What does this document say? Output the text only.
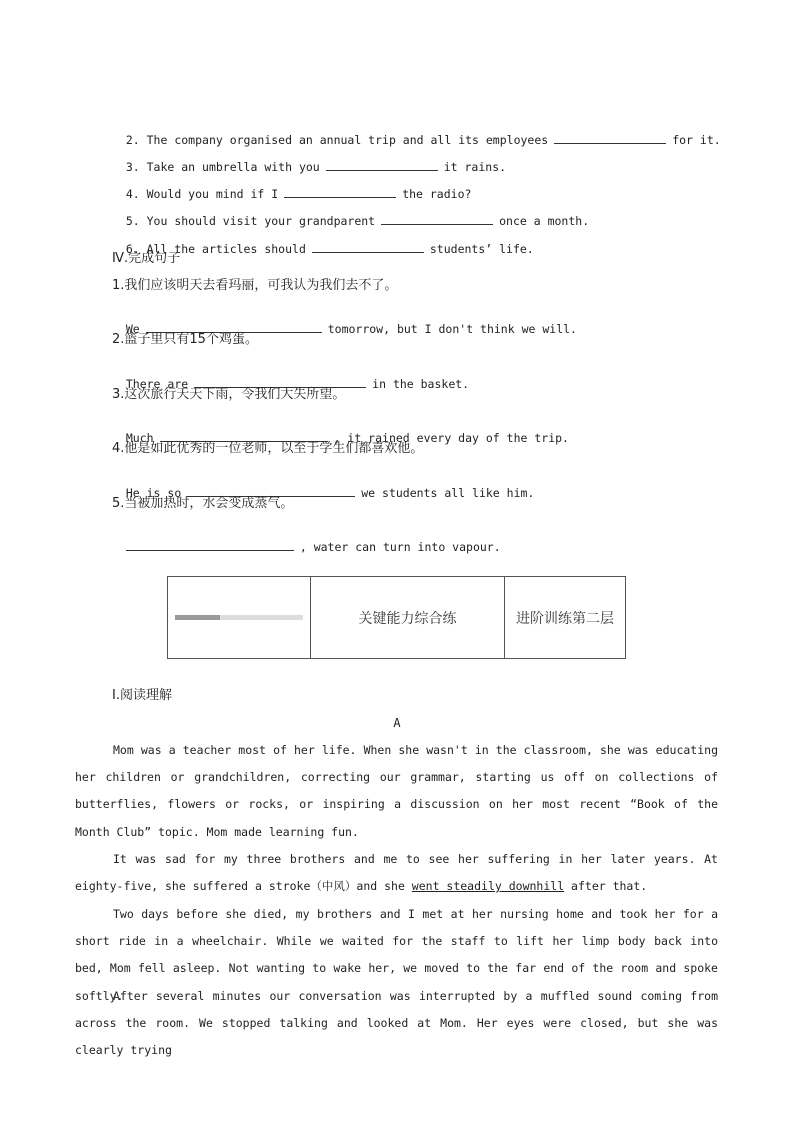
2. The company organised an annual trip and all its employees	for it.

3. Take an umbrella with you	it rains.

4. Would you mind if I	the radio?

5. You should visit your grandparent	once a month.

6. All the articles should	students’ life.

Ⅳ.完成句子
1.我们应该明天去看玛丽，可我认为我们去不了。

We	tomorrow, but I don't think we will.

2.篮子里只有15个鸡蛋。

There are	in the basket.

3.这次旅行天天下雨，令我们大失所望。

Much	, it rained every day of the trip.

4.他是如此优秀的一位老师，以至于学生们都喜欢他。

He is so	we students all like him.

5.当被加热时，水会变成蒸气。

, water can turn into vapour.

关键能力综合练	进阶训练第二层
Ⅰ.阅读理解
A
Mom was a teacher most of her life. When she wasn't in the classroom, she was educating her children or grandchildren, correcting our grammar, starting us off on collections of butterflies, flowers or rocks, or inspiring a discussion on her most recent “Book of the Month Club” topic. Mom made learning fun.
It was sad for my three brothers and me to see her suffering in her later years. At eighty-five, she suffered a stroke（中风）and she went steadily downhill after that.
Two days before she died, my brothers and I met at her nursing home and took her for a short ride in a wheelchair. While we waited for the staff to lift her limp body back into bed, Mom fell asleep. Not wanting to wake her, we moved to the far end of the room and spoke softly.
After several minutes our conversation was interrupted by a muffled sound coming from across the room. We stopped talking and looked at Mom. Her eyes were closed, but she was clearly trying
